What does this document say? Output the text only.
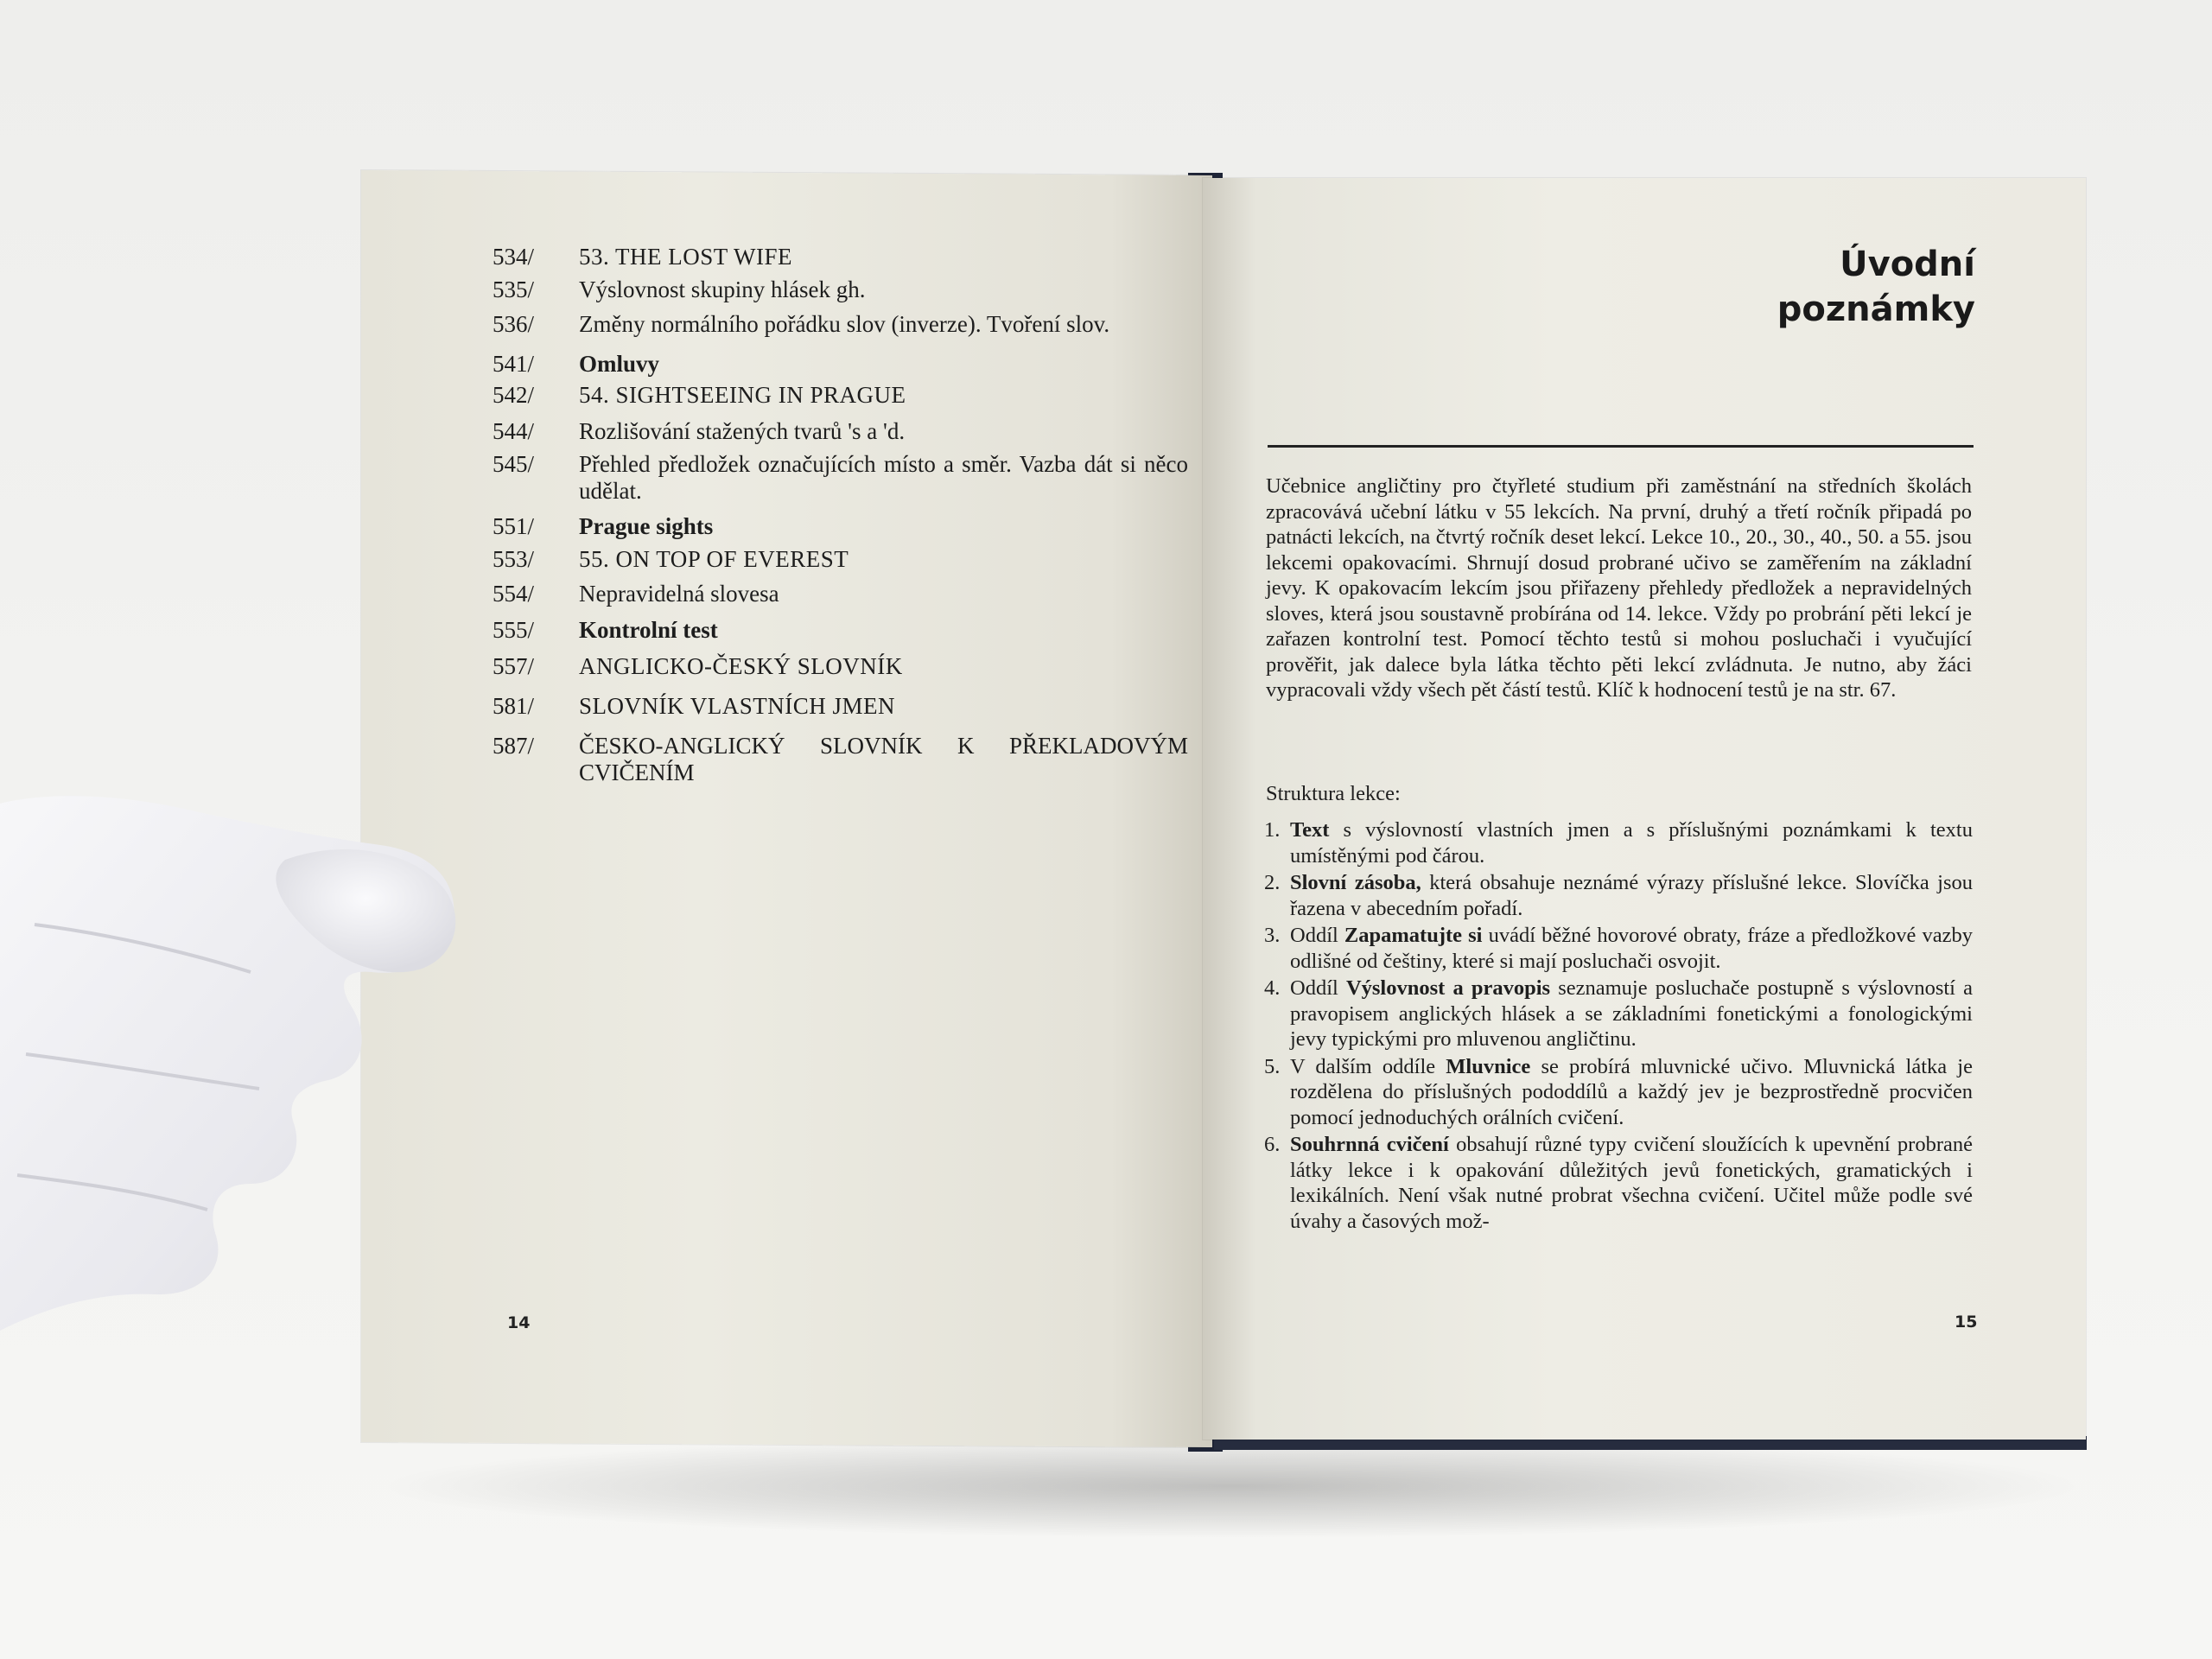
534/	53. THE LOST WIFE
535/	Výslovnost skupiny hlásek gh.
536/	Změny normálního pořádku slov (inverze). Tvoření slov.
541/	Omluvy
542/	54. SIGHTSEEING IN PRAGUE
544/	Rozlišování stažených tvarů 's a 'd.
545/	Přehled předložek označujících místo a směr. Vazba dát si něco udělat.
551/	Prague sights
553/	55. ON TOP OF EVEREST
554/	Nepravidelná slovesa
555/	Kontrolní test
557/	ANGLICKO-ČESKÝ SLOVNÍK
581/	SLOVNÍK VLASTNÍCH JMEN
587/	ČESKO-ANGLICKÝ SLOVNÍK K PŘEKLADOVÝM CVIČENÍM
14
Úvodní
poznámky

Učebnice angličtiny pro čtyřleté studium při zaměstnání na středních školách zpracovává učební látku v 55 lekcích. Na první, druhý a třetí ročník připadá po patnácti lekcích, na čtvrtý ročník deset lekcí. Lekce 10., 20., 30., 40., 50. a 55. jsou lekcemi opakovacími. Shrnují dosud probrané učivo se zaměřením na základní jevy. K opakovacím lekcím jsou přiřazeny přehledy předložek a nepravidelných sloves, která jsou soustavně probírána od 14. lekce. Vždy po probrání pěti lekcí je zařazen kontrolní test. Pomocí těchto testů si mohou posluchači i vyučující prověřit, jak dalece byla látka těchto pěti lekcí zvládnuta. Je nutno, aby žáci vypracovali vždy všech pět částí testů. Klíč k hodnocení testů je na str. 67.

Struktura lekce:
1. Text s výslovností vlastních jmen a s příslušnými poznámkami k textu umístěnými pod čárou.
2. Slovní zásoba, která obsahuje neznámé výrazy příslušné lekce. Slovíčka jsou řazena v abecedním pořadí.
3. Oddíl Zapamatujte si uvádí běžné hovorové obraty, fráze a předložkové vazby odlišné od češtiny, které si mají posluchači osvojit.
4. Oddíl Výslovnost a pravopis seznamuje posluchače postupně s výslovností a pravopisem anglických hlásek a se základními fonetickými a fonologickými jevy typickými pro mluvenou angličtinu.
5. V dalším oddíle Mluvnice se probírá mluvnické učivo. Mluvnická látka je rozdělena do příslušných pododdílů a každý jev je bezprostředně procvičen pomocí jednoduchých orálních cvičení.
6. Souhrnná cvičení obsahují různé typy cvičení sloužících k upevnění probrané látky lekce i k opakování důležitých jevů fonetických, gramatických i lexikálních. Není však nutné probrat všechna cvičení. Učitel může podle své úvahy a časových mož-
15
